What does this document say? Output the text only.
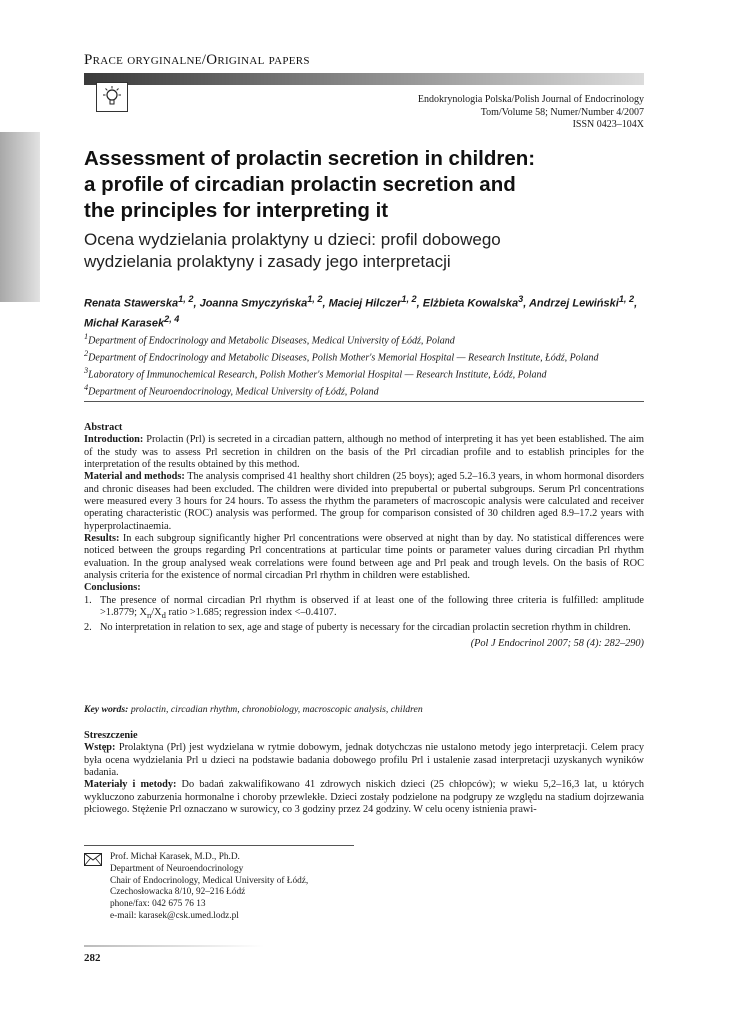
Prace oryginalne/Original papers
Endokrynologia Polska/Polish Journal of Endocrinology
Tom/Volume 58; Numer/Number 4/2007
ISSN 0423–104X
Assessment of prolactin secretion in children:
a profile of circadian prolactin secretion and
the principles for interpreting it
Ocena wydzielania prolaktyny u dzieci: profil dobowego
wydzielania prolaktyny i zasady jego interpretacji
Renata Stawerska$^{1, 2}$, Joanna Smyczyńska$^{1, 2}$, Maciej Hilczer$^{1, 2}$, Elżbieta Kowalska$^3$, Andrzej Lewiński$^{1, 2}$,
Michał Karasek$^{2, 4}$
$^1$Department of Endocrinology and Metabolic Diseases, Medical University of Łódź, Poland
$^2$Department of Endocrinology and Metabolic Diseases, Polish Mother's Memorial Hospital — Research Institute, Łódź, Poland
$^3$Laboratory of Immunochemical Research, Polish Mother's Memorial Hospital — Research Institute, Łódź, Poland
$^4$Department of Neuroendocrinology, Medical University of Łódź, Poland

Abstract

Introduction: Prolactin (Prl) is secreted in a circadian pattern, although no method of interpreting it has yet been established. The aim of the study was to assess Prl secretion in children on the basis of the Prl circadian profile and to establish principles for the interpretation of the results obtained by this method.

Material and methods: The analysis comprised 41 healthy short children (25 boys); aged 5.2–16.3 years, in whom hormonal disorders and chronic diseases had been excluded. The children were divided into prepubertal or pubertal subgroups. Serum Prl concentrations were measured every 3 hours for 24 hours. To assess the rhythm the parameters of macroscopic analysis were calculated and receiver operating characteristic (ROC) analysis was performed. The group for comparison consisted of 30 children aged 8.9–17.2 years with hyperprolactinaemia.

Results: In each subgroup significantly higher Prl concentrations were observed at night than by day. No statistical differences were noticed between the groups regarding Prl concentrations at particular time points or parameter values during circadian Prl rhythm evaluation. In the group analysed weak correlations were found between age and Prl peak and trough levels. On the basis of ROC analysis criteria for the existence of normal circadian Prl rhythm in children were established.

Conclusions:

1. The presence of normal circadian Prl rhythm is observed if at least one of the following three criteria is fulfilled: amplitude >1.8779; $X_n/X_d$ ratio >1.685; regression index <–0.4107.
2. No interpretation in relation to sex, age and stage of puberty is necessary for the circadian prolactin secretion rhythm in children.

(Pol J Endocrinol 2007; 58 (4): 282–290)

Key words: prolactin, circadian rhythm, chronobiology, macroscopic analysis, children

Streszczenie

Wstęp: Prolaktyna (Prl) jest wydzielana w rytmie dobowym, jednak dotychczas nie ustalono metody jego interpretacji. Celem pracy była ocena wydzielania Prl u dzieci na podstawie badania dobowego profilu Prl i ustalenie zasad interpretacji uzyskanych wyników badania.

Materiały i metody: Do badań zakwalifikowano 41 zdrowych niskich dzieci (25 chłopców); w wieku 5,2–16,3 lat, u których wykluczono zaburzenia hormonalne i choroby przewlekłe. Dzieci zostały podzielone na podgrupy ze względu na stadium dojrzewania płciowego. Stężenie Prl oznaczano w surowicy, co 3 godziny przez 24 godziny. W celu oceny istnienia prawi-

Prof. Michał Karasek, M.D., Ph.D.
Department of Neuroendocrinology
Chair of Endocrinology, Medical University of Łódź,
Czechosłowacka 8/10, 92–216 Łódź
phone/fax: 042 675 76 13
e-mail: karasek@csk.umed.lodz.pl
282
